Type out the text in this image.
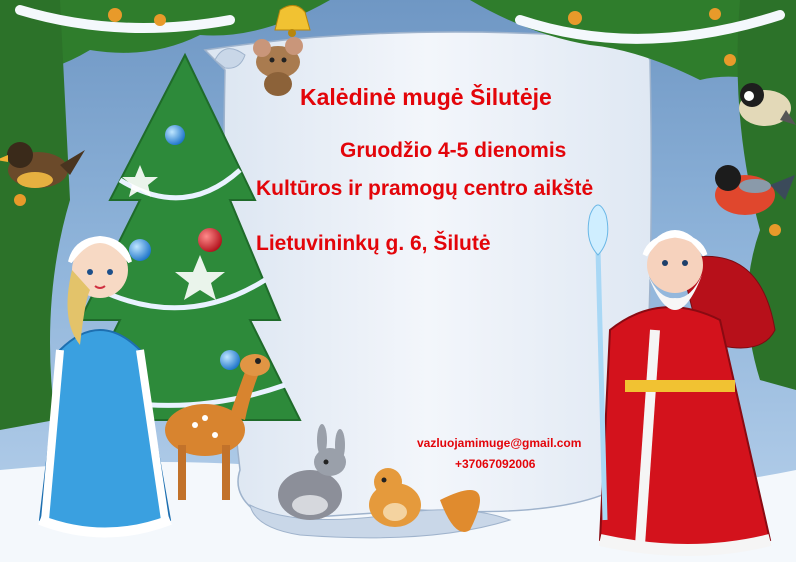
Kalėdinė mugė Šilutėje
Gruodžio 4-5 dienomis
Kultūros ir pramogų centro aikštė
Lietuvininkų g. 6, Šilutė
vazluojamimuge@gmail.com
+37067092006
